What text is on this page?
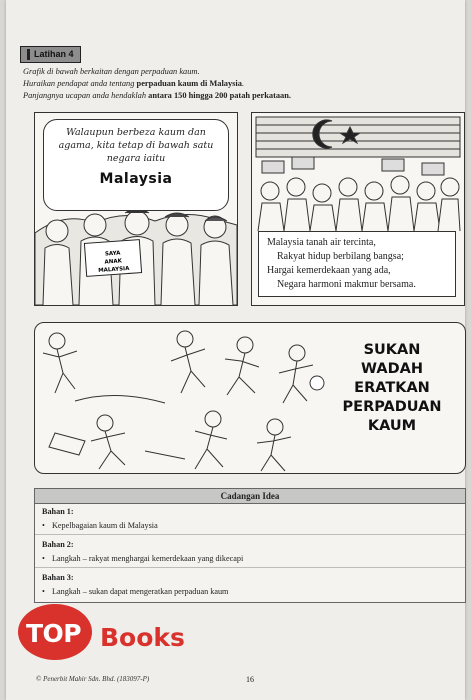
Latihan 4
Grafik di bawah berkaitan dengan perpaduan kaum.
Huraikan pendapat anda tentang perpaduan kaum di Malaysia.
Panjangnya ucapan anda hendaklah antara 150 hingga 200 patah perkataan.
Walaupun berbeza kaum dan
agama, kita tetap di bawah satu
negara iaitu
Malaysia
SAYA
ANAK
MALAYSIA
Malaysia tanah air tercinta,
Rakyat hidup berbilang bangsa;
Hargai kemerdekaan yang ada,
Negara harmoni makmur bersama.
SUKAN
WADAH
ERATKAN
PERPADUAN
KAUM
Cadangan Idea
Bahan 1:
• Kepelbagaian kaum di Malaysia
Bahan 2:
• Langkah – rakyat menghargai kemerdekaan yang dikecapi
Bahan 3:
• Langkah – sukan dapat mengeratkan perpaduan kaum
TOP Books
© Penerbit Mahir Sdn. Bhd. (183097-P)	16
